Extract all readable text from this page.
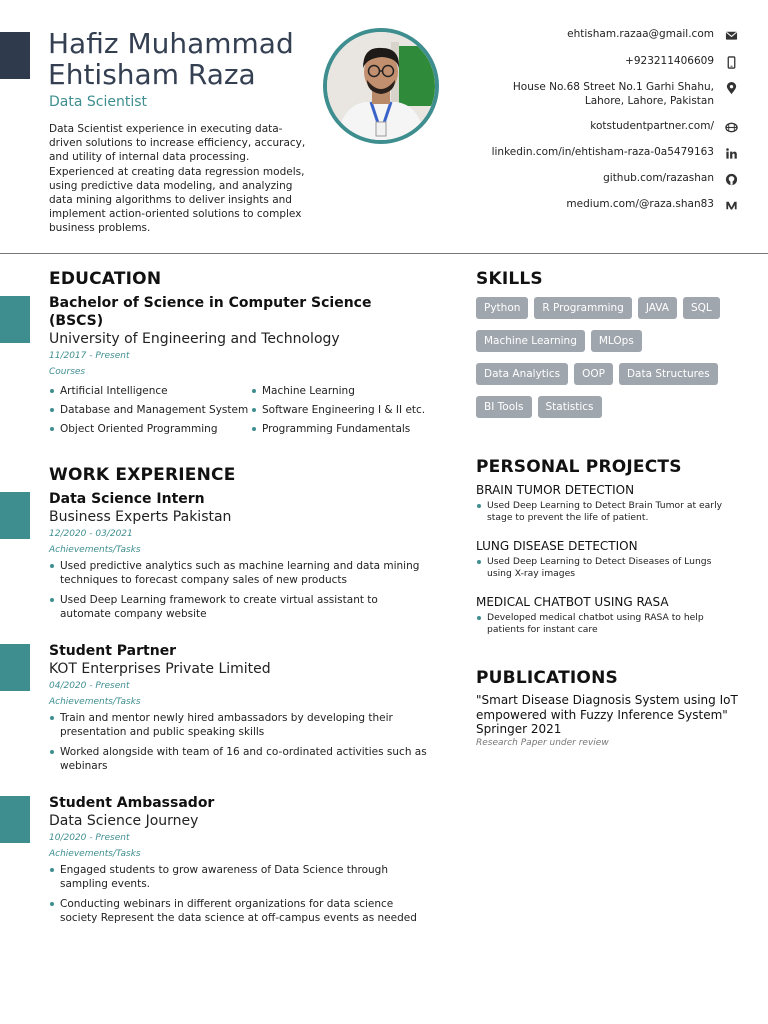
Hafiz Muhammad
Ehtisham Raza
Data Scientist
Data Scientist experience in executing data-driven solutions to increase efficiency, accuracy, and utility of internal data processing. Experienced at creating data regression models, using predictive data modeling, and analyzing data mining algorithms to deliver insights and implement action-oriented solutions to complex business problems.
ehtisham.razaa@gmail.com
+923211406609
House No.68 Street No.1 Garhi Shahu, Lahore, Lahore, Pakistan
kotstudentpartner.com/
linkedin.com/in/ehtisham-raza-0a5479163
github.com/razashan
medium.com/@raza.shan83
EDUCATION
Bachelor of Science in Computer Science (BSCS)
University of Engineering and Technology
11/2017 - Present
Courses
Artificial Intelligence	Machine Learning
Database and Management System	Software Engineering I & II etc.
Object Oriented Programming	Programming Fundamentals
WORK EXPERIENCE
Data Science Intern
Business Experts Pakistan
12/2020 - 03/2021
Achievements/Tasks
Used predictive analytics such as machine learning and data mining techniques to forecast company sales of new products
Used Deep Learning framework to create virtual assistant to automate company website
Student Partner
KOT Enterprises Private Limited
04/2020 - Present
Achievements/Tasks
Train and mentor newly hired ambassadors by developing their presentation and public speaking skills
Worked alongside with team of 16 and co-ordinated activities such as webinars
Student Ambassador
Data Science Journey
10/2020 - Present
Achievements/Tasks
Engaged students to grow awareness of Data Science through sampling events.
Conducting webinars in different organizations for data science society Represent the data science at off-campus events as needed
SKILLS
Python	R Programming	JAVA	SQL
Machine Learning	MLOps
Data Analytics	OOP	Data Structures
BI Tools	Statistics
PERSONAL PROJECTS
BRAIN TUMOR DETECTION
Used Deep Learning to Detect Brain Tumor at early stage to prevent the life of patient.
LUNG DISEASE DETECTION
Used Deep Learning to Detect Diseases of Lungs using X-ray images
MEDICAL CHATBOT USING RASA
Developed medical chatbot using RASA to help patients for instant care
PUBLICATIONS
"Smart Disease Diagnosis System using IoT empowered with Fuzzy Inference System" Springer 2021
Research Paper under review
